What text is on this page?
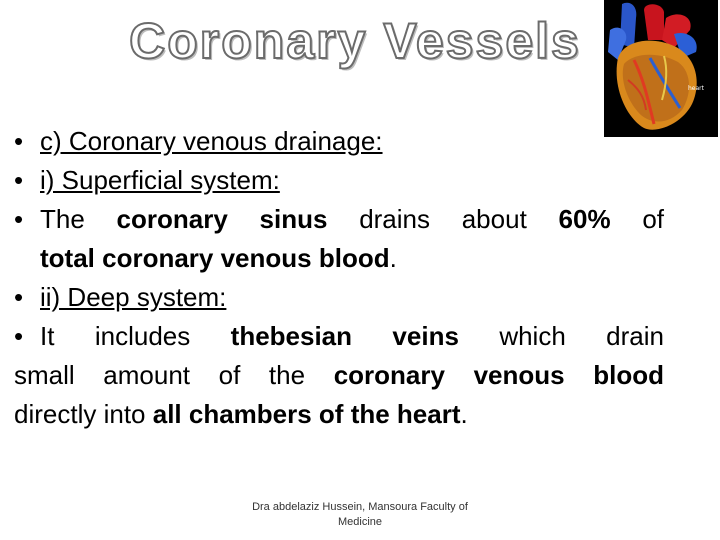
Coronary Vessels
heart
• c) Coronary venous drainage:
• i) Superficial system:
• The coronary sinus drains about 60% of
total coronary venous blood.
• ii) Deep system:
• It includes thebesian veins which drain
small amount of the coronary venous blood
directly into all chambers of the heart.
Dra abdelaziz Hussein, Mansoura Faculty of Medicine
